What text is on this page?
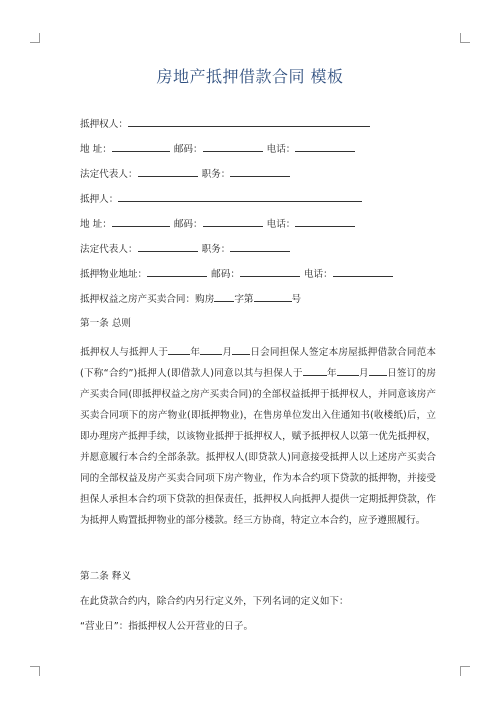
房地产抵押借款合同 模板
抵押权人：
地 址：	邮码：	电话：
法定代表人：	职务：
抵押人：
地 址：	邮码：	电话：
法定代表人：	职务：
抵押物业地址：	邮码：	电话：
抵押权益之房产买卖合同：购房 字第	号
第一条 总则

抵押权人与抵押人于 年 月 日会同担保人签定本房屋抵押借款合同范本(下称“合约”)抵押人(即借款人)同意以其与担保人于	年 月 日签订的房产买卖合同(即抵押权益之房产买卖合同)的全部权益抵押于抵押权人，并同意该房产买卖合同项下的房产物业(即抵押物业)，在售房单位发出入住通知书(收楼纸)后，立即办理房产抵押手续，以该物业抵押于抵押权人，赋予抵押权人以第一优先抵押权，并愿意履行本合约全部条款。抵押权人(即贷款人)同意接受抵押人以上述房产买卖合同的全部权益及房产买卖合同项下房产物业，作为本合约项下贷款的抵押物，并接受担保人承担本合约项下贷款的担保责任，抵押权人向抵押人提供一定期抵押贷款，作为抵押人购置抵押物业的部分楼款。经三方协商，特定立本合约，应予遵照履行。

第二条 释义
在此贷款合约内，除合约内另行定义外，下列名词的定义如下：
“营业日”：指抵押权人公开营业的日子。
